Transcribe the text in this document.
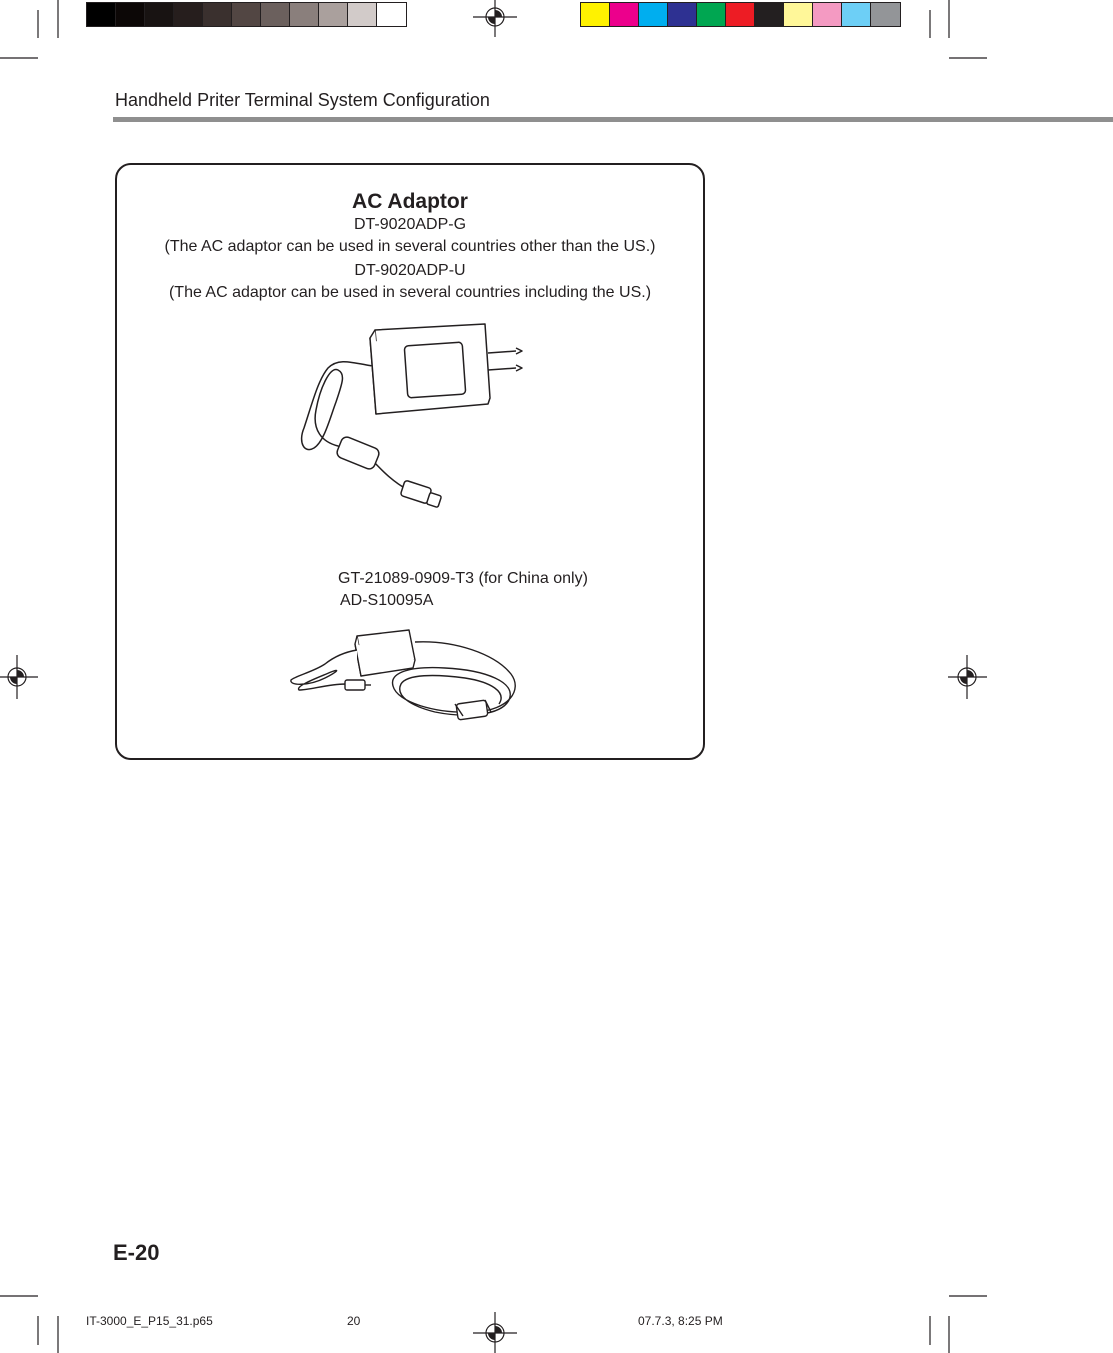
Handheld Priter Terminal System Configuration
AC Adaptor
DT-9020ADP-G
(The AC adaptor can be used in several countries other than the US.)
DT-9020ADP-U
(The AC adaptor can be used in several countries including the US.)
GT-21089-0909-T3 (for China only)
AD-S10095A
E-20
IT-3000_E_P15_31.p65	20	07.7.3, 8:25 PM
